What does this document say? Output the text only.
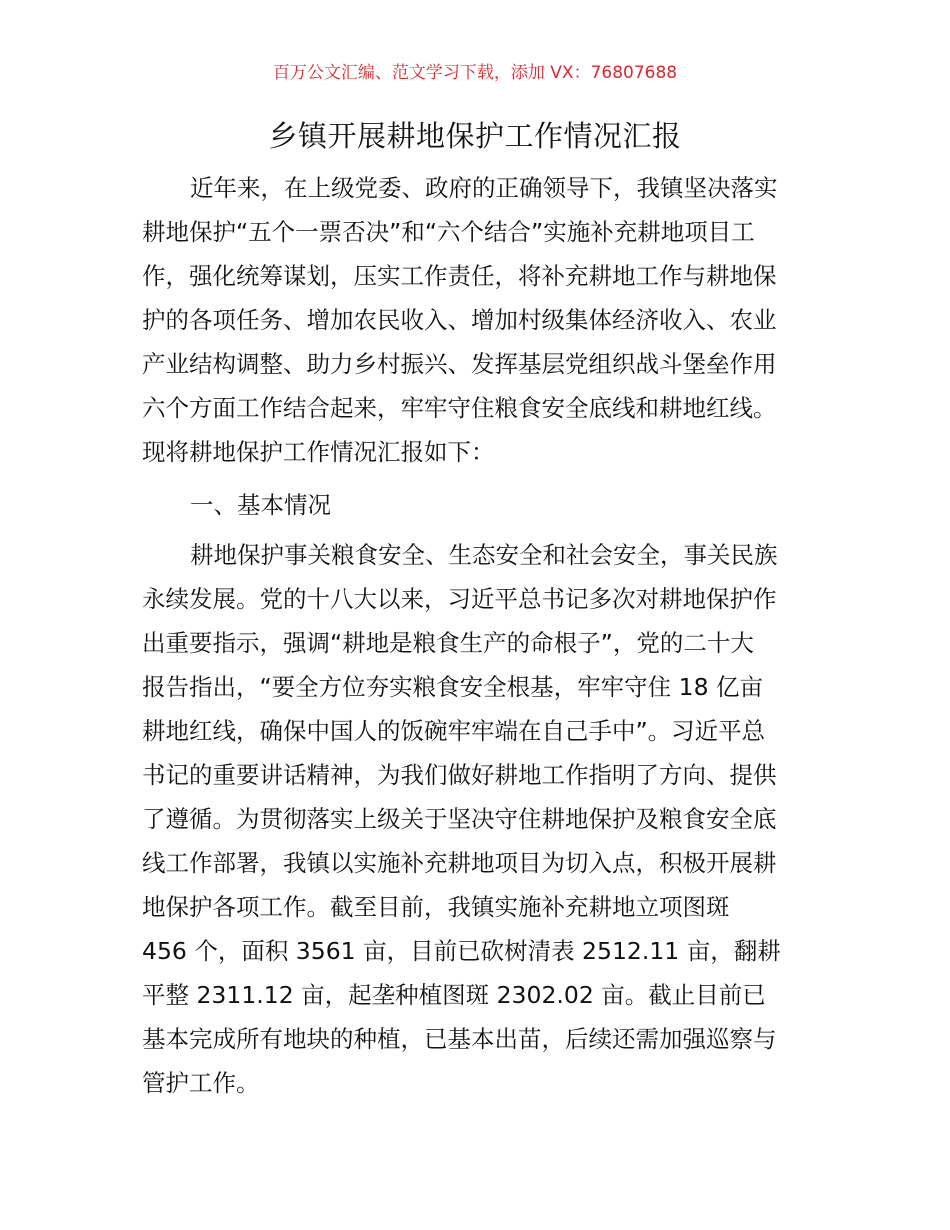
百万公文汇编、范文学习下载，添加 VX：76807688
乡镇开展耕地保护工作情况汇报
近年来，在上级党委、政府的正确领导下，我镇坚决落实
耕地保护“五个一票否决”和“六个结合”实施补充耕地项目工
作，强化统筹谋划，压实工作责任，将补充耕地工作与耕地保
护的各项任务、增加农民收入、增加村级集体经济收入、农业
产业结构调整、助力乡村振兴、发挥基层党组织战斗堡垒作用
六个方面工作结合起来，牢牢守住粮食安全底线和耕地红线。
现将耕地保护工作情况汇报如下：
一、基本情况
耕地保护事关粮食安全、生态安全和社会安全，事关民族
永续发展。党的十八大以来，习近平总书记多次对耕地保护作
出重要指示，强调“耕地是粮食生产的命根子”，党的二十大
报告指出，“要全方位夯实粮食安全根基，牢牢守住 18 亿亩
耕地红线，确保中国人的饭碗牢牢端在自己手中”。习近平总
书记的重要讲话精神，为我们做好耕地工作指明了方向、提供
了遵循。为贯彻落实上级关于坚决守住耕地保护及粮食安全底
线工作部署，我镇以实施补充耕地项目为切入点，积极开展耕
地保护各项工作。截至目前，我镇实施补充耕地立项图斑
456 个，面积 3561 亩，目前已砍树清表 2512.11 亩，翻耕
平整 2311.12 亩，起垄种植图斑 2302.02 亩。截止目前已
基本完成所有地块的种植，已基本出苗，后续还需加强巡察与
管护工作。
